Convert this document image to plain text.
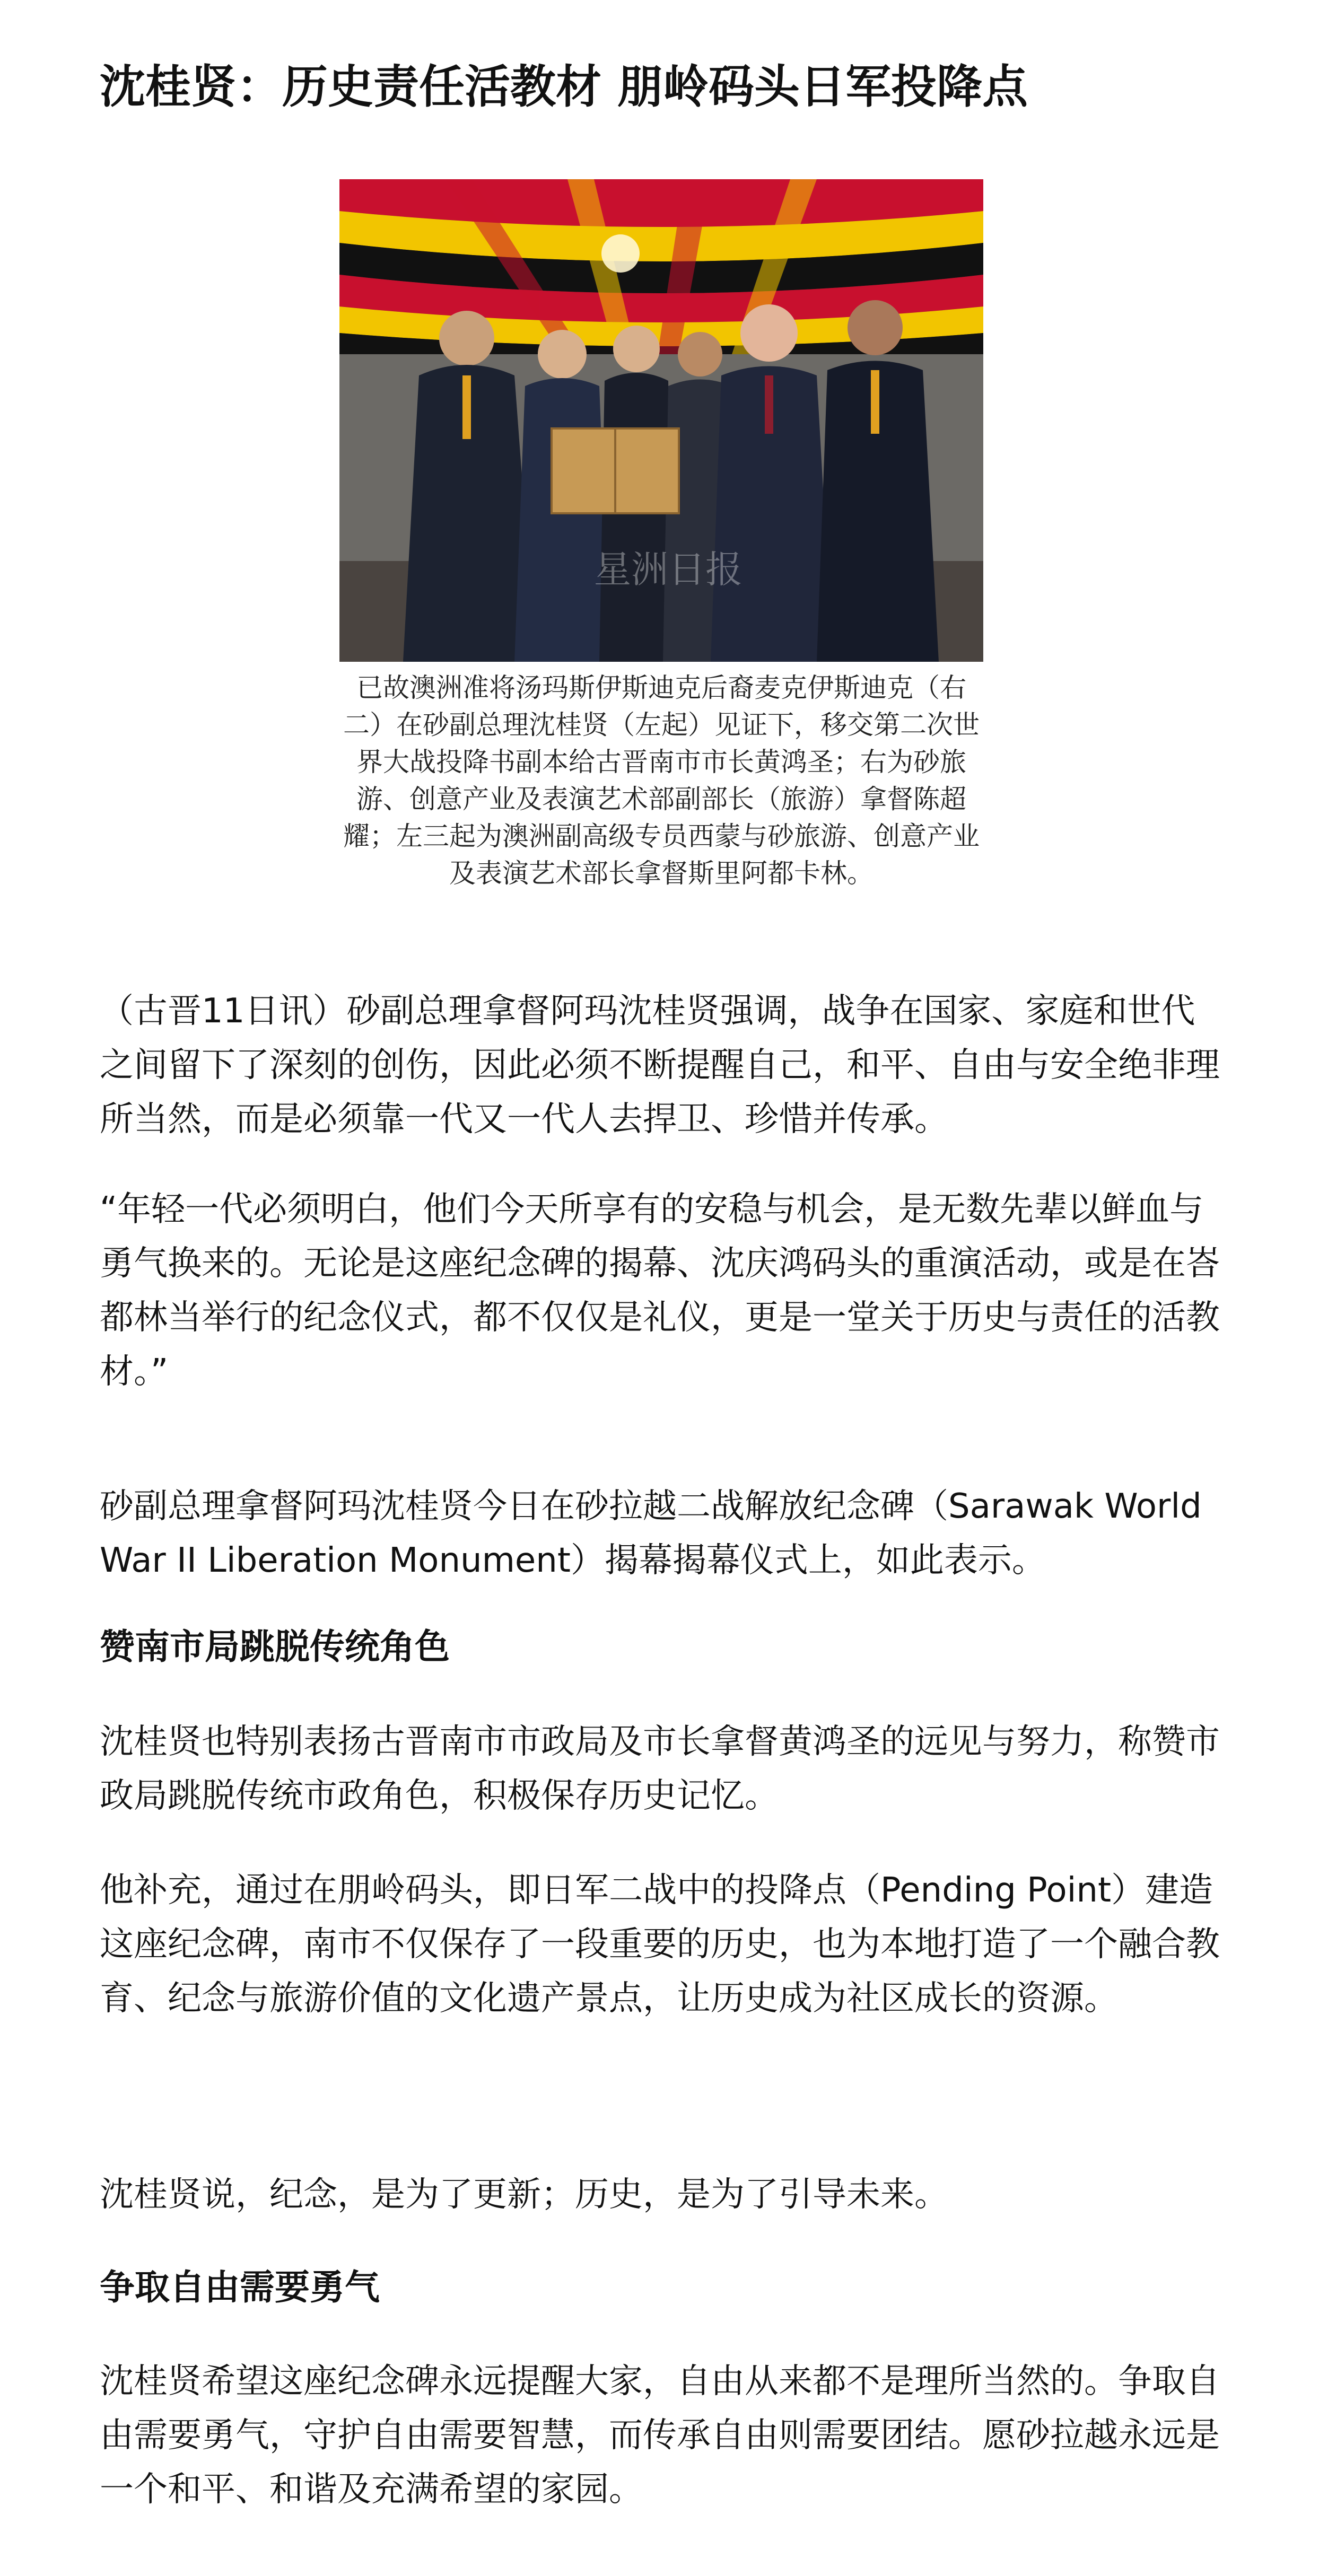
沈桂贤：历史责任活教材 朋岭码头日军投降点
星洲日报
已故澳洲准将汤玛斯伊斯迪克后裔麦克伊斯迪克（右二）在砂副总理沈桂贤（左起）见证下，移交第二次世界大战投降书副本给古晋南市市长黄鸿圣；右为砂旅游、创意产业及表演艺术部副部长（旅游）拿督陈超耀；左三起为澳洲副高级专员西蒙与砂旅游、创意产业及表演艺术部长拿督斯里阿都卡林。

（古晋11日讯）砂副总理拿督阿玛沈桂贤强调，战争在国家、家庭和世代之间留下了深刻的创伤，因此必须不断提醒自己，和平、自由与安全绝非理所当然，而是必须靠一代又一代人去捍卫、珍惜并传承。

“年轻一代必须明白，他们今天所享有的安稳与机会，是无数先辈以鲜血与勇气换来的。无论是这座纪念碑的揭幕、沈庆鸿码头的重演活动，或是在峇都林当举行的纪念仪式，都不仅仅是礼仪，更是一堂关于历史与责任的活教材。”

砂副总理拿督阿玛沈桂贤今日在砂拉越二战解放纪念碑（Sarawak World War II Liberation Monument）揭幕揭幕仪式上，如此表示。

赞南市局跳脱传统角色

沈桂贤也特别表扬古晋南市市政局及市长拿督黄鸿圣的远见与努力，称赞市政局跳脱传统市政角色，积极保存历史记忆。

他补充，通过在朋岭码头，即日军二战中的投降点（Pending Point）建造这座纪念碑，南市不仅保存了一段重要的历史，也为本地打造了一个融合教育、纪念与旅游价值的文化遗产景点，让历史成为社区成长的资源。

沈桂贤说，纪念，是为了更新；历史，是为了引导未来。

争取自由需要勇气

沈桂贤希望这座纪念碑永远提醒大家，自由从来都不是理所当然的。争取自由需要勇气，守护自由需要智慧，而传承自由则需要团结。愿砂拉越永远是一个和平、和谐及充满希望的家园。
